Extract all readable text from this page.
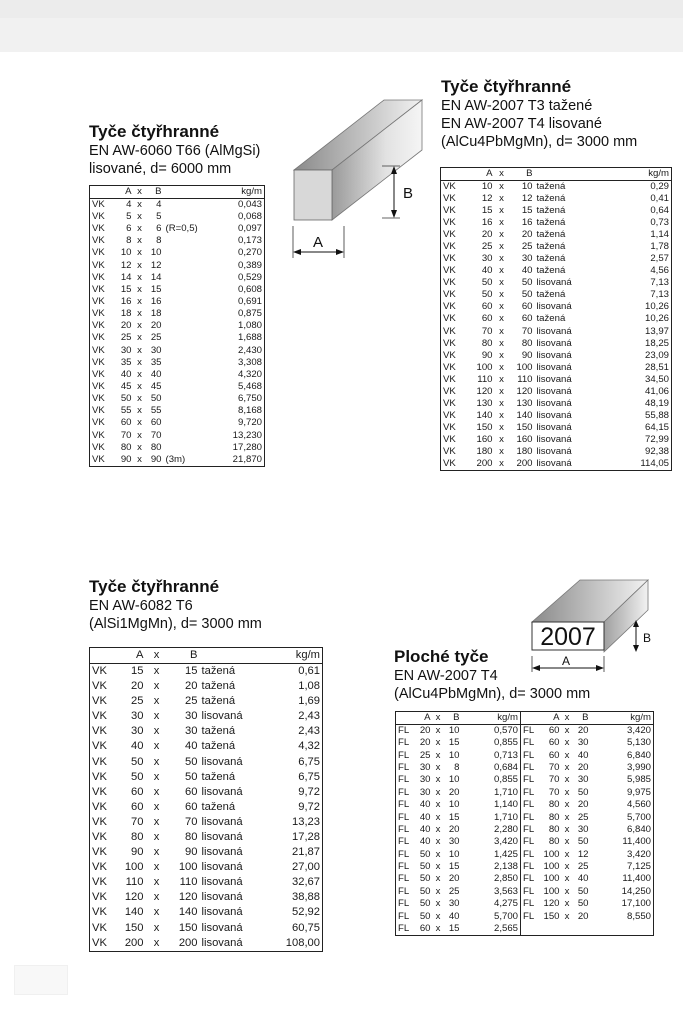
Tyče čtyřhranné
EN AW-6060 T66 (AlMgSi)
lisované, d= 6000 mm
Tyče čtyřhranné
EN AW-2007 T3 tažené
EN AW-2007 T4 lisované
(AlCu4PbMgMn), d= 3000 mm
Tyče čtyřhranné
EN AW-6082 T6
(AlSi1MgMn), d= 3000 mm
Ploché tyče
EN AW-2007 T4
(AlCu4PbMgMn), d= 3000 mm
A
B
2007
A
B
	A	x	B		kg/m
VK	4	x	4		0,043
VK	5	x	5		0,068
VK	6	x	6	(R=0,5)	0,097
VK	8	x	8		0,173
VK	10	x	10		0,270
VK	12	x	12		0,389
VK	14	x	14		0,529
VK	15	x	15		0,608
VK	16	x	16		0,691
VK	18	x	18		0,875
VK	20	x	20		1,080
VK	25	x	25		1,688
VK	30	x	30		2,430
VK	35	x	35		3,308
VK	40	x	40		4,320
VK	45	x	45		5,468
VK	50	x	50		6,750
VK	55	x	55		8,168
VK	60	x	60		9,720
VK	70	x	70		13,230
VK	80	x	80		17,280
VK	90	x	90	(3m)	21,870
	A	x	B		kg/m
VK	10	x	10	tažená	0,29
VK	12	x	12	tažená	0,41
VK	15	x	15	tažená	0,64
VK	16	x	16	tažená	0,73
VK	20	x	20	tažená	1,14
VK	25	x	25	tažená	1,78
VK	30	x	30	tažená	2,57
VK	40	x	40	tažená	4,56
VK	50	x	50	lisovaná	7,13
VK	50	x	50	tažená	7,13
VK	60	x	60	lisovaná	10,26
VK	60	x	60	tažená	10,26
VK	70	x	70	lisovaná	13,97
VK	80	x	80	lisovaná	18,25
VK	90	x	90	lisovaná	23,09
VK	100	x	100	lisovaná	28,51
VK	110	x	110	lisovaná	34,50
VK	120	x	120	lisovaná	41,06
VK	130	x	130	lisovaná	48,19
VK	140	x	140	lisovaná	55,88
VK	150	x	150	lisovaná	64,15
VK	160	x	160	lisovaná	72,99
VK	180	x	180	lisovaná	92,38
VK	200	x	200	lisovaná	114,05
	A	x	B		kg/m
VK	15	x	15	tažená	0,61
VK	20	x	20	tažená	1,08
VK	25	x	25	tažená	1,69
VK	30	x	30	lisovaná	2,43
VK	30	x	30	tažená	2,43
VK	40	x	40	tažená	4,32
VK	50	x	50	lisovaná	6,75
VK	50	x	50	tažená	6,75
VK	60	x	60	lisovaná	9,72
VK	60	x	60	tažená	9,72
VK	70	x	70	lisovaná	13,23
VK	80	x	80	lisovaná	17,28
VK	90	x	90	lisovaná	21,87
VK	100	x	100	lisovaná	27,00
VK	110	x	110	lisovaná	32,67
VK	120	x	120	lisovaná	38,88
VK	140	x	140	lisovaná	52,92
VK	150	x	150	lisovaná	60,75
VK	200	x	200	lisovaná	108,00
	A	x	B	kg/m		A	x	B	kg/m
FL	20	x	10	0,570	FL	60	x	20	3,420
FL	20	x	15	0,855	FL	60	x	30	5,130
FL	25	x	10	0,713	FL	60	x	40	6,840
FL	30	x	8	0,684	FL	70	x	20	3,990
FL	30	x	10	0,855	FL	70	x	30	5,985
FL	30	x	20	1,710	FL	70	x	50	9,975
FL	40	x	10	1,140	FL	80	x	20	4,560
FL	40	x	15	1,710	FL	80	x	25	5,700
FL	40	x	20	2,280	FL	80	x	30	6,840
FL	40	x	30	3,420	FL	80	x	50	11,400
FL	50	x	10	1,425	FL	100	x	12	3,420
FL	50	x	15	2,138	FL	100	x	25	7,125
FL	50	x	20	2,850	FL	100	x	40	11,400
FL	50	x	25	3,563	FL	100	x	50	14,250
FL	50	x	30	4,275	FL	120	x	50	17,100
FL	50	x	40	5,700	FL	150	x	20	8,550
FL	60	x	15	2,565					
